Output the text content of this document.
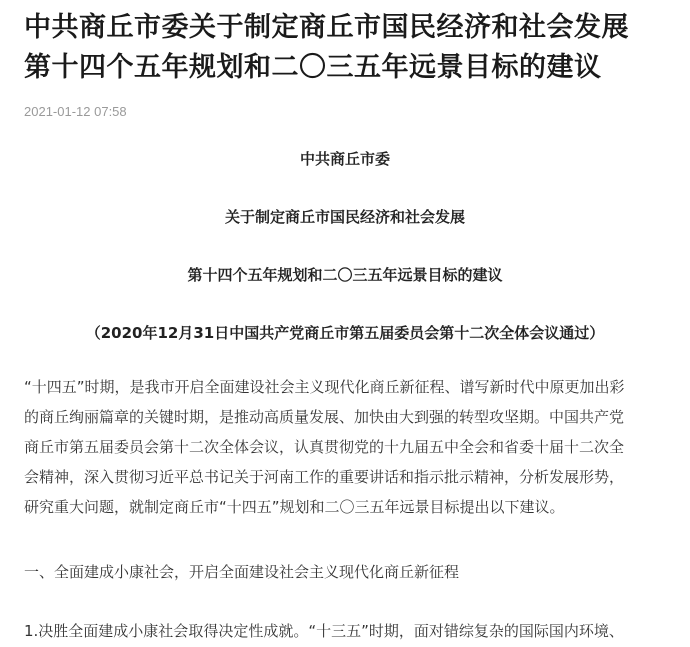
中共商丘市委关于制定商丘市国民经济和社会发展
第十四个五年规划和二〇三五年远景目标的建议
2021-01-12 07:58
中共商丘市委
关于制定商丘市国民经济和社会发展
第十四个五年规划和二〇三五年远景目标的建议
（2020年12月31日中国共产党商丘市第五届委员会第十二次全体会议通过）
“十四五”时期，是我市开启全面建设社会主义现代化商丘新征程、谱写新时代中原更加出彩
的商丘绚丽篇章的关键时期，是推动高质量发展、加快由大到强的转型攻坚期。中国共产党
商丘市第五届委员会第十二次全体会议，认真贯彻党的十九届五中全会和省委十届十二次全
会精神，深入贯彻习近平总书记关于河南工作的重要讲话和指示批示精神，分析发展形势，
研究重大问题，就制定商丘市“十四五”规划和二〇三五年远景目标提出以下建议。
一、全面建成小康社会，开启全面建设社会主义现代化商丘新征程
1.决胜全面建成小康社会取得决定性成就。“十三五”时期，面对错综复杂的国际国内环境、
